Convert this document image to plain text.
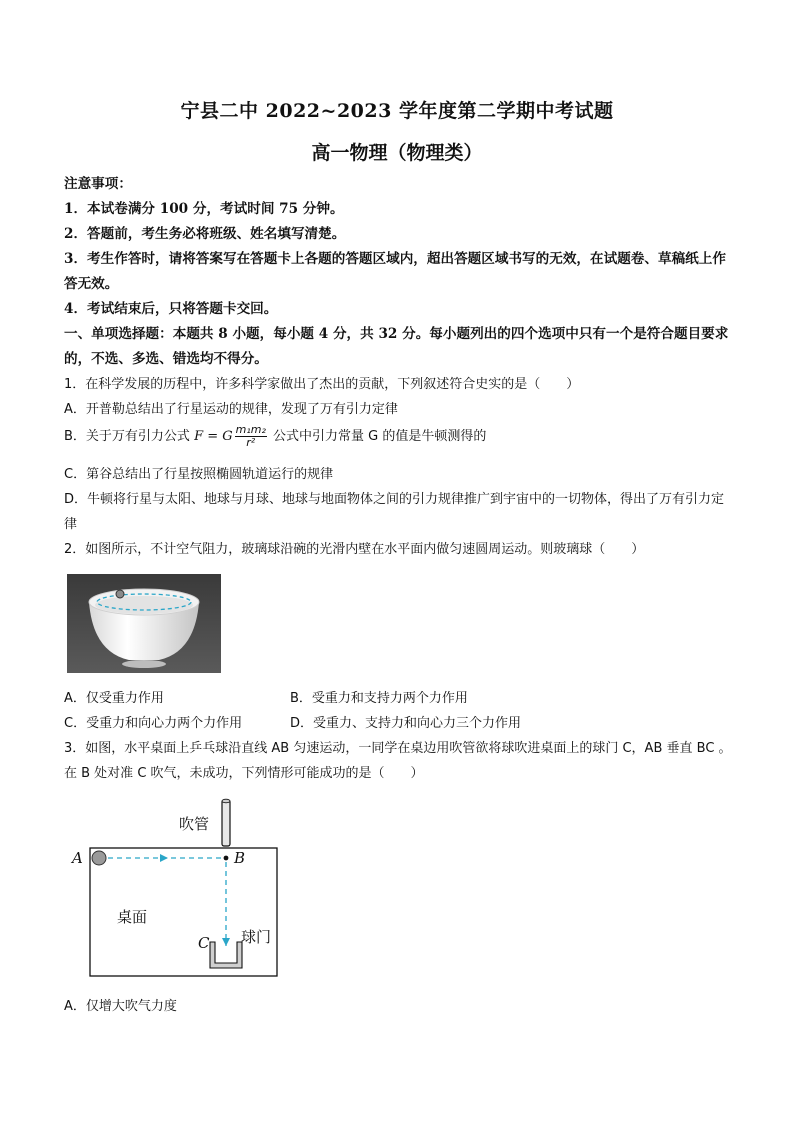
宁县二中 2022~2023 学年度第二学期中考试题
高一物理（物理类）
注意事项：
1．本试卷满分 100 分，考试时间 75 分钟。
2．答题前，考生务必将班级、姓名填写清楚。
3．考生作答时，请将答案写在答题卡上各题的答题区域内，超出答题区域书写的无效，在试题卷、草稿纸上作答无效。
4．考试结束后，只将答题卡交回。
一、单项选择题：本题共 8 小题，每小题 4 分，共 32 分。每小题列出的四个选项中只有一个是符合题目要求的，不选、多选、错选均不得分。
1．在科学发展的历程中，许多科学家做出了杰出的贡献，下列叙述符合史实的是（　　）
A．开普勒总结出了行星运动的规律，发现了万有引力定律
B．关于万有引力公式 F = G $\frac{\text{m₁m₂}}{\text{r²}}$ 公式中引力常量 G 的值是牛顿测得的
C．第谷总结出了行星按照椭圆轨道运行的规律
D．牛顿将行星与太阳、地球与月球、地球与地面物体之间的引力规律推广到宇宙中的一切物体，得出了万有引力定律
2．如图所示，不计空气阻力，玻璃球沿碗的光滑内壁在水平面内做匀速圆周运动。则玻璃球（　　）
A．仅受重力作用	B．受重力和支持力两个力作用
C．受重力和向心力两个力作用	D．受重力、支持力和向心力三个力作用
3．如图，水平桌面上乒乓球沿直线 AB 匀速运动，一同学在桌边用吹管欲将球吹进桌面上的球门 C，AB 垂直 BC 。在 B 处对准 C 吹气，未成功，下列情形可能成功的是（　　）
吹管
A	B
C
桌面
球门
A．仅增大吹气力度
